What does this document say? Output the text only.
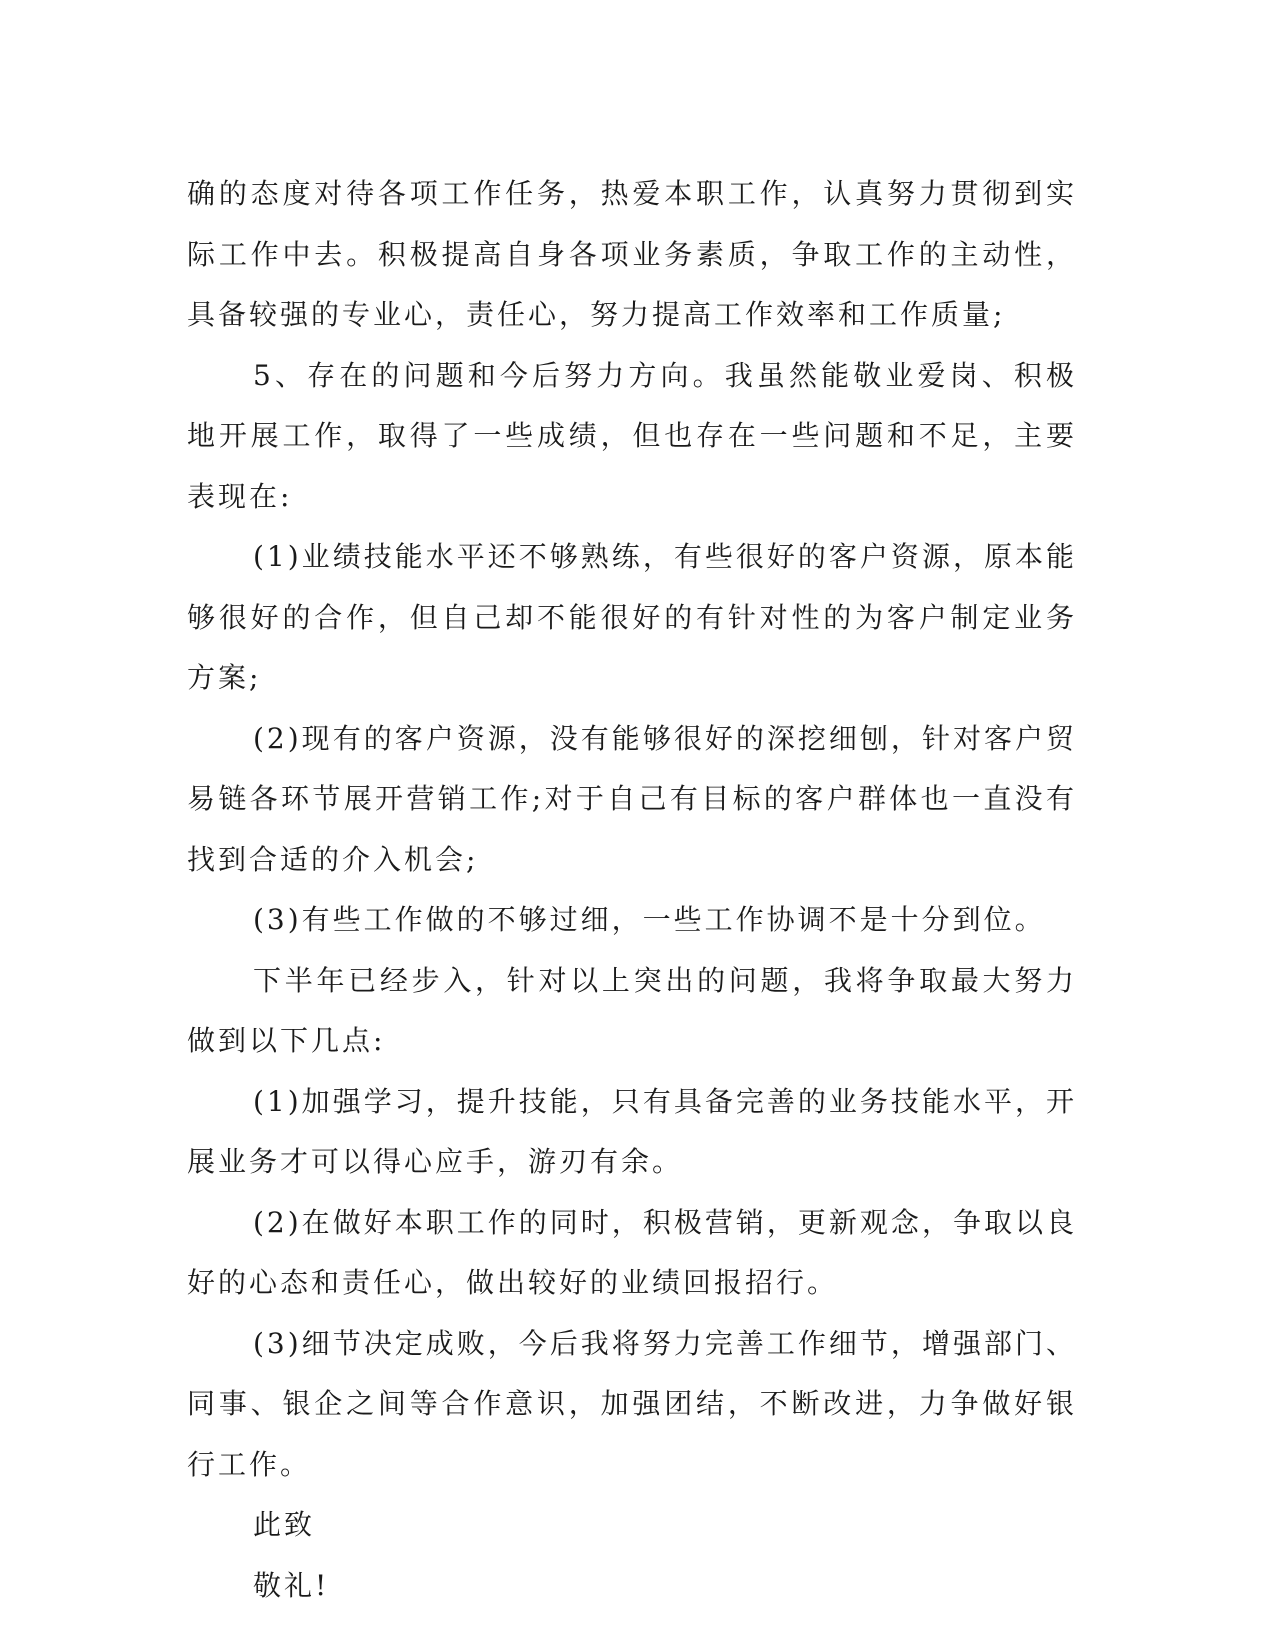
确的态度对待各项工作任务，热爱本职工作，认真努力贯彻到实际工作中去。积极提高自身各项业务素质，争取工作的主动性，具备较强的专业心，责任心，努力提高工作效率和工作质量;

5、存在的问题和今后努力方向。我虽然能敬业爱岗、积极地开展工作，取得了一些成绩，但也存在一些问题和不足，主要表现在:

(1)业绩技能水平还不够熟练，有些很好的客户资源，原本能够很好的合作，但自己却不能很好的有针对性的为客户制定业务方案;

(2)现有的客户资源，没有能够很好的深挖细刨，针对客户贸易链各环节展开营销工作;对于自己有目标的客户群体也一直没有找到合适的介入机会;

(3)有些工作做的不够过细，一些工作协调不是十分到位。

下半年已经步入，针对以上突出的问题，我将争取最大努力做到以下几点:

(1)加强学习，提升技能，只有具备完善的业务技能水平，开展业务才可以得心应手，游刃有余。

(2)在做好本职工作的同时，积极营销，更新观念，争取以良好的心态和责任心，做出较好的业绩回报招行。

(3)细节决定成败，今后我将努力完善工作细节，增强部门、同事、银企之间等合作意识，加强团结，不断改进，力争做好银行工作。

此致

敬礼!
